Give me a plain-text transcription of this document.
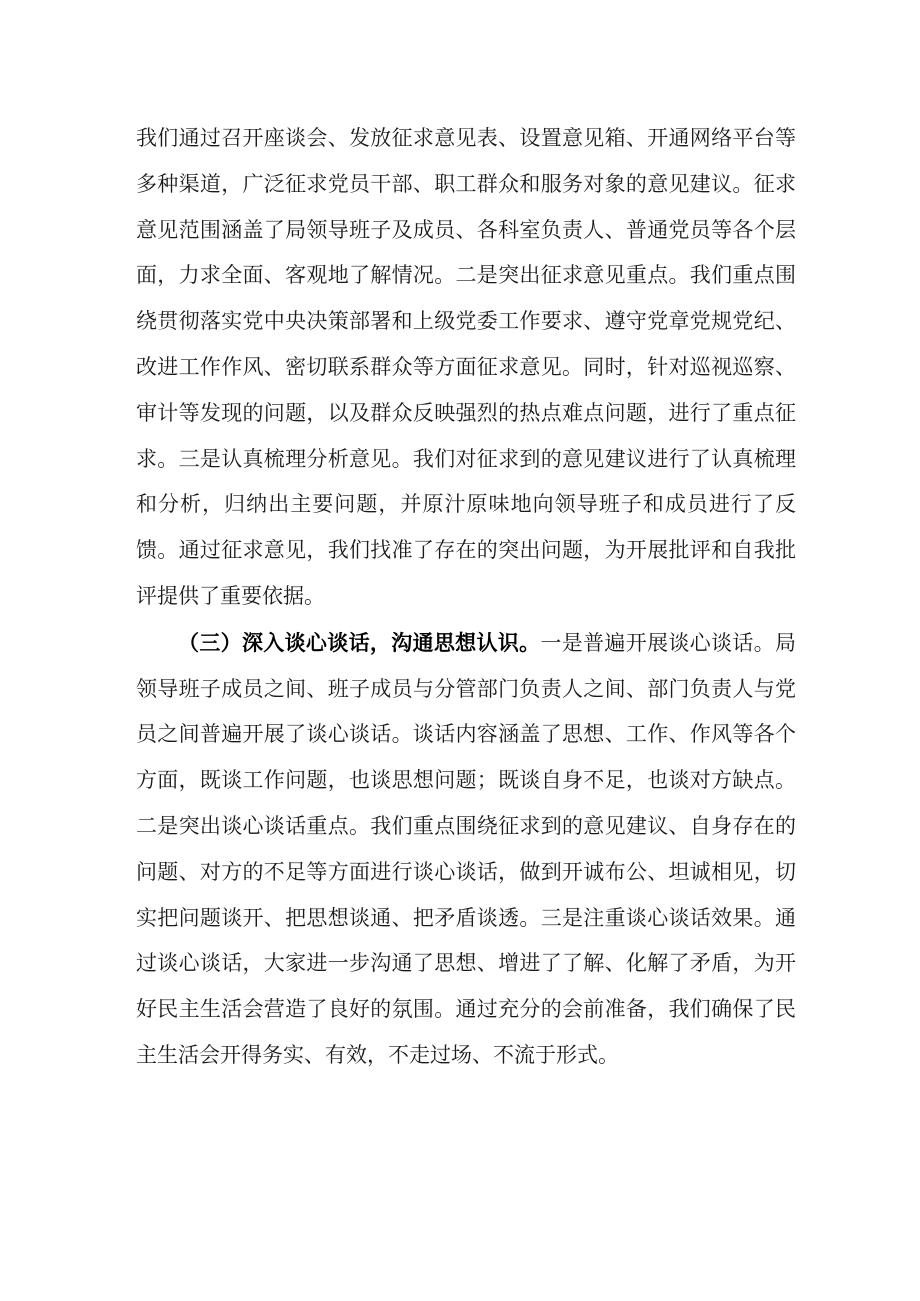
我们通过召开座谈会、发放征求意见表、设置意见箱、开通网络平台等多种渠道，广泛征求党员干部、职工群众和服务对象的意见建议。征求意见范围涵盖了局领导班子及成员、各科室负责人、普通党员等各个层面，力求全面、客观地了解情况。二是突出征求意见重点。我们重点围绕贯彻落实党中央决策部署和上级党委工作要求、遵守党章党规党纪、改进工作作风、密切联系群众等方面征求意见。同时，针对巡视巡察、审计等发现的问题，以及群众反映强烈的热点难点问题，进行了重点征求。三是认真梳理分析意见。我们对征求到的意见建议进行了认真梳理和分析，归纳出主要问题，并原汁原味地向领导班子和成员进行了反馈。通过征求意见，我们找准了存在的突出问题，为开展批评和自我批评提供了重要依据。

（三）深入谈心谈话，沟通思想认识。一是普遍开展谈心谈话。局领导班子成员之间、班子成员与分管部门负责人之间、部门负责人与党员之间普遍开展了谈心谈话。谈话内容涵盖了思想、工作、作风等各个方面，既谈工作问题，也谈思想问题；既谈自身不足，也谈对方缺点。二是突出谈心谈话重点。我们重点围绕征求到的意见建议、自身存在的问题、对方的不足等方面进行谈心谈话，做到开诚布公、坦诚相见，切实把问题谈开、把思想谈通、把矛盾谈透。三是注重谈心谈话效果。通过谈心谈话，大家进一步沟通了思想、增进了了解、化解了矛盾，为开好民主生活会营造了良好的氛围。通过充分的会前准备，我们确保了民主生活会开得务实、有效，不走过场、不流于形式。
